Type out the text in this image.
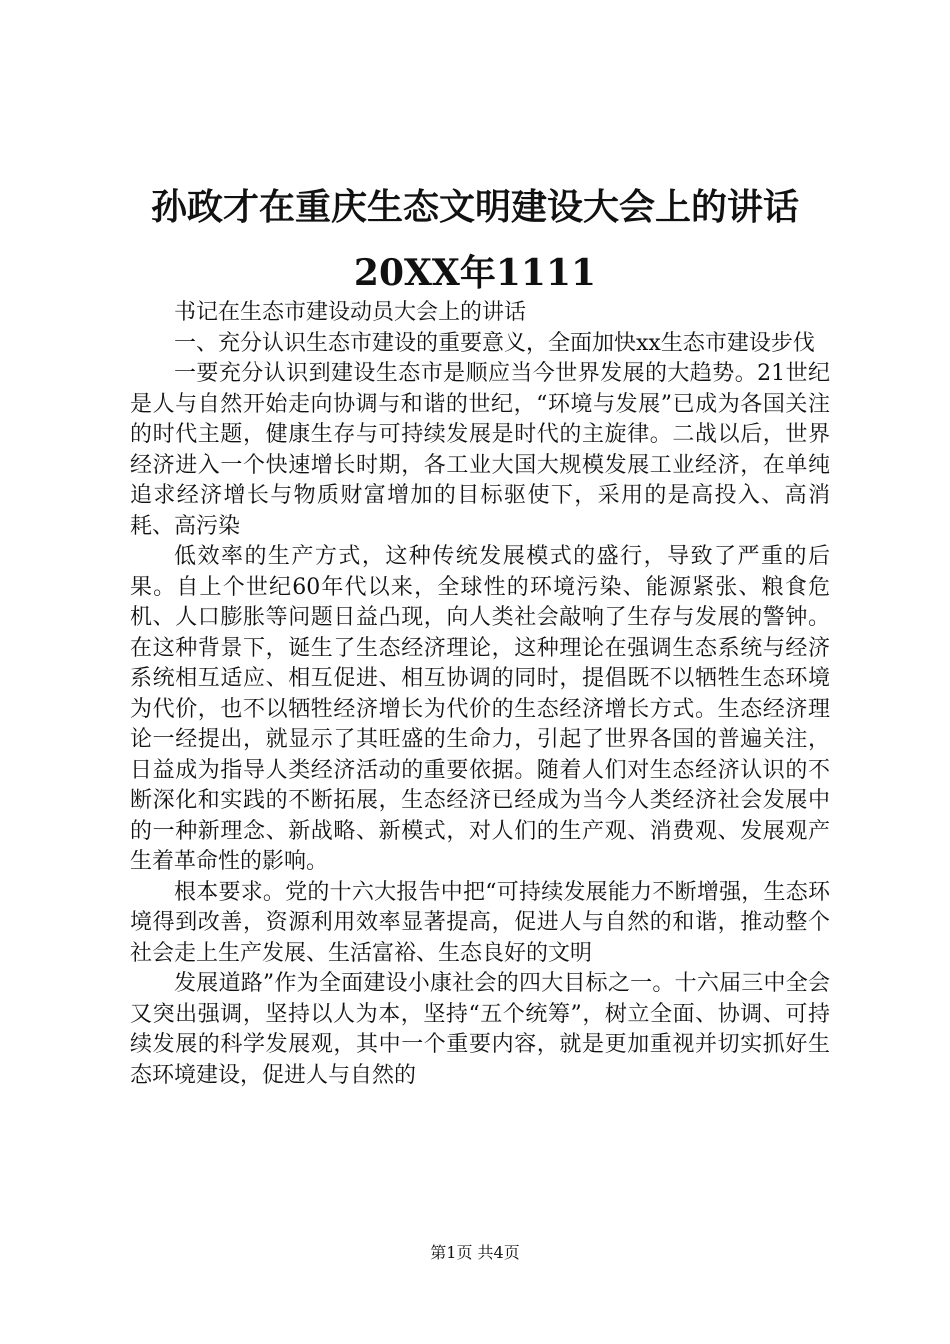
孙政才在重庆生态文明建设大会上的讲话
20XX年1111

书记在生态市建设动员大会上的讲话

一、充分认识生态市建设的重要意义，全面加快xx生态市建设步伐

一要充分认识到建设生态市是顺应当今世界发展的大趋势。21世纪是人与自然开始走向协调与和谐的世纪，“环境与发展”已成为各国关注的时代主题，健康生存与可持续发展是时代的主旋律。二战以后，世界经济进入一个快速增长时期，各工业大国大规模发展工业经济，在单纯追求经济增长与物质财富增加的目标驱使下，采用的是高投入、高消耗、高污染

低效率的生产方式，这种传统发展模式的盛行，导致了严重的后果。自上个世纪60年代以来，全球性的环境污染、能源紧张、粮食危机、人口膨胀等问题日益凸现，向人类社会敲响了生存与发展的警钟。在这种背景下，诞生了生态经济理论，这种理论在强调生态系统与经济系统相互适应、相互促进、相互协调的同时，提倡既不以牺牲生态环境为代价，也不以牺牲经济增长为代价的生态经济增长方式。生态经济理论一经提出，就显示了其旺盛的生命力，引起了世界各国的普遍关注，日益成为指导人类经济活动的重要依据。随着人们对生态经济认识的不断深化和实践的不断拓展，生态经济已经成为当今人类经济社会发展中的一种新理念、新战略、新模式，对人们的生产观、消费观、发展观产生着革命性的影响。

根本要求。党的十六大报告中把“可持续发展能力不断增强，生态环境得到改善，资源利用效率显著提高，促进人与自然的和谐，推动整个社会走上生产发展、生活富裕、生态良好的文明

发展道路”作为全面建设小康社会的四大目标之一。十六届三中全会又突出强调，坚持以人为本，坚持“五个统筹”，树立全面、协调、可持续发展的科学发展观，其中一个重要内容，就是更加重视并切实抓好生态环境建设，促进人与自然的

第1页 共4页
